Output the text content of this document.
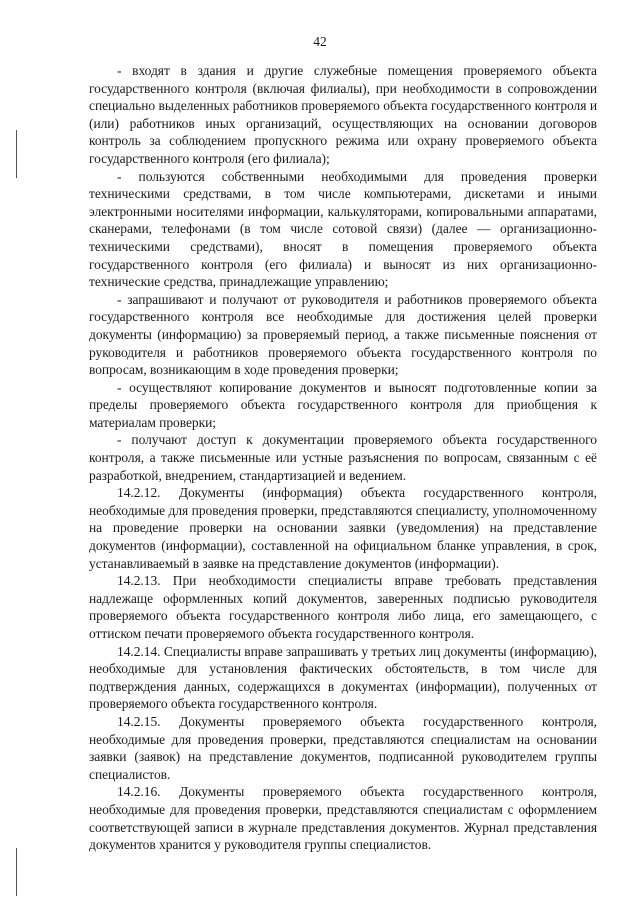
42

- входят в здания и другие служебные помещения проверяемого объекта государственного контроля (включая филиалы), при необходимости в сопровождении специально выделенных работников проверяемого объекта государственного контроля и (или) работников иных организаций, осуществляющих на основании договоров контроль за соблюдением пропускного режима или охрану проверяемого объекта государственного контроля (его филиала);

- пользуются собственными необходимыми для проведения проверки техническими средствами, в том числе компьютерами, дискетами и иными электронными носителями информации, калькуляторами, копировальными аппаратами, сканерами, телефонами (в том числе сотовой связи) (далее — организационно-техническими средствами), вносят в помещения проверяемого объекта государственного контроля (его филиала) и выносят из них организационно-технические средства, принадлежащие управлению;

- запрашивают и получают от руководителя и работников проверяемого объекта государственного контроля все необходимые для достижения целей проверки документы (информацию) за проверяемый период, а также письменные пояснения от руководителя и работников проверяемого объекта государственного контроля по вопросам, возникающим в ходе проведения проверки;

- осуществляют копирование документов и выносят подготовленные копии за пределы проверяемого объекта государственного контроля для приобщения к материалам проверки;

- получают доступ к документации проверяемого объекта государственного контроля, а также письменные или устные разъяснения по вопросам, связанным с её разработкой, внедрением, стандартизацией и ведением.

14.2.12. Документы (информация) объекта государственного контроля, необходимые для проведения проверки, представляются специалисту, уполномоченному на проведение проверки на основании заявки (уведомления) на представление документов (информации), составленной на официальном бланке управления, в срок, устанавливаемый в заявке на представление документов (информации).

14.2.13. При необходимости специалисты вправе требовать представления надлежаще оформленных копий документов, заверенных подписью руководителя проверяемого объекта государственного контроля либо лица, его замещающего, с оттиском печати проверяемого объекта государственного контроля.

14.2.14. Специалисты вправе запрашивать у третьих лиц документы (информацию), необходимые для установления фактических обстоятельств, в том числе для подтверждения данных, содержащихся в документах (информации), полученных от проверяемого объекта государственного контроля.

14.2.15. Документы проверяемого объекта государственного контроля, необходимые для проведения проверки, представляются специалистам на основании заявки (заявок) на представление документов, подписанной руководителем группы специалистов.

14.2.16. Документы проверяемого объекта государственного контроля, необходимые для проведения проверки, представляются специалистам с оформлением соответствующей записи в журнале представления документов. Журнал представления документов хранится у руководителя группы специалистов.
